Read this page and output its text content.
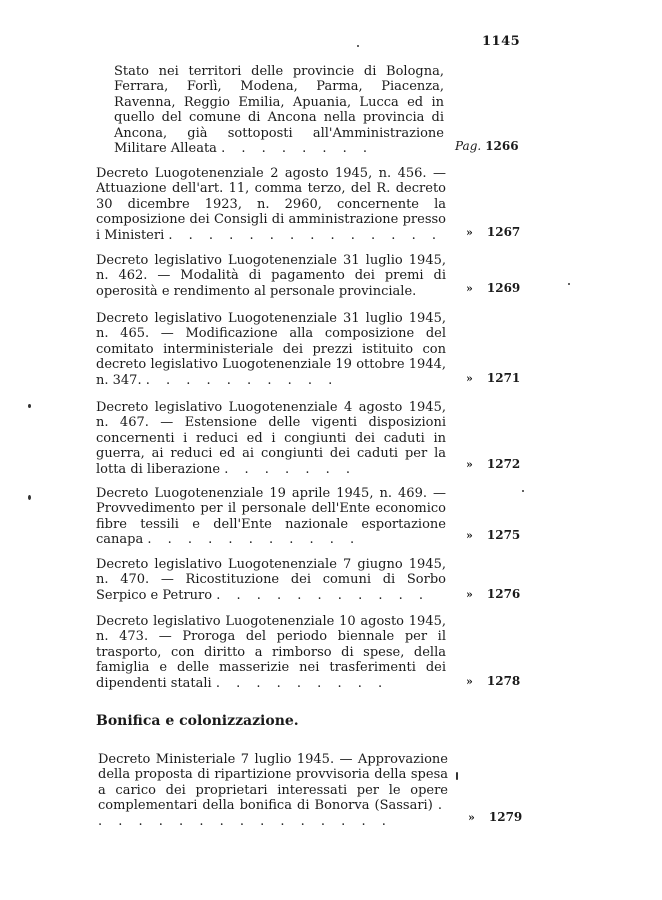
1145
Stato nei territori delle provincie di Bologna, Ferrara, Forlì, Modena, Parma, Piacenza, Ravenna, Reggio Emilia, Apuania, Lucca ed in quello del comune di Ancona nella provincia di Ancona, già sottoposti all'Amministrazione Militare Alleata . . . . . . . .	Pag. 1266
Decreto Luogotenenziale 2 agosto 1945, n. 456. — Attuazione dell'art. 11, comma terzo, del R. decreto 30 dicembre 1923, n. 2960, concernente la composizione dei Consigli di amministrazione presso i Ministeri . . . . . . . . . . . . . .	» 1267
Decreto legislativo Luogotenenziale 31 luglio 1945, n. 462. — Modalità di pagamento dei premi di operosità e rendimento al personale provinciale.	» 1269
Decreto legislativo Luogotenenziale 31 luglio 1945, n. 465. — Modificazione alla composizione del comitato interministeriale dei prezzi istituito con decreto legislativo Luogotenenziale 19 ottobre 1944, n. 347. . . . . . . . . . .	» 1271
Decreto legislativo Luogotenenziale 4 agosto 1945, n. 467. — Estensione delle vigenti disposizioni concernenti i reduci ed i congiunti dei caduti in guerra, ai reduci ed ai congiunti dei caduti per la lotta di liberazione . . . . . . .	» 1272
Decreto Luogotenenziale 19 aprile 1945, n. 469. — Provvedimento per il personale dell'Ente economico fibre tessili e dell'Ente nazionale esportazione canapa . . . . . . . . . . .	» 1275
Decreto legislativo Luogotenenziale 7 giugno 1945, n. 470. — Ricostituzione dei comuni di Sorbo Serpico e Petruro . . . . . . . . . . .	» 1276
Decreto legislativo Luogotenenziale 10 agosto 1945, n. 473. — Proroga del periodo biennale per il trasporto, con diritto a rimborso di spese, della famiglia e delle masserizie nei trasferimenti dei dipendenti statali . . . . . . . . .	» 1278
Bonifica e colonizzazione.
Decreto Ministeriale 7 luglio 1945. — Approvazione della proposta di ripartizione provvisoria della spesa a carico dei proprietari interessati per le opere complementari della bonifica di Bonorva (Sassari) . . . . . . . . . . . . . . . .	» 1279
